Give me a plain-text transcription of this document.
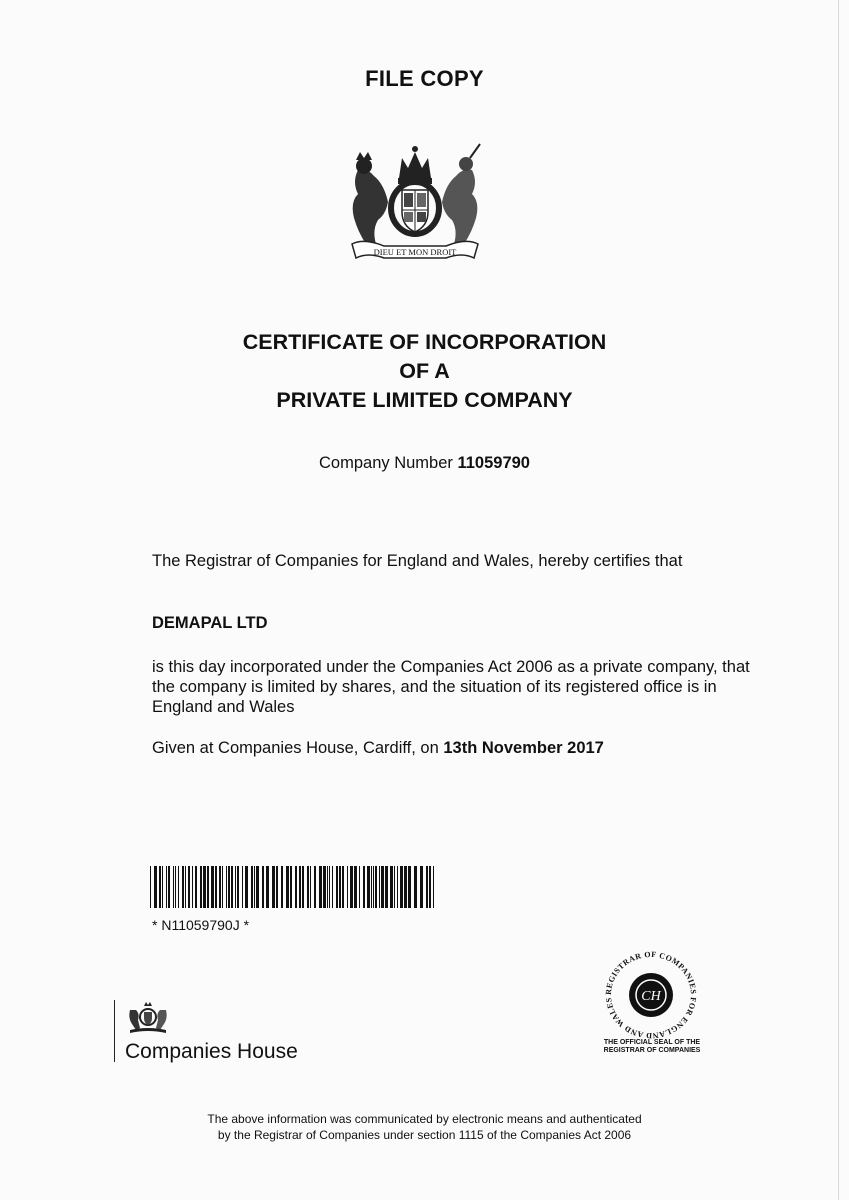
FILE COPY
DIEU ET MON DROIT
CERTIFICATE OF INCORPORATION
OF A
PRIVATE LIMITED COMPANY
Company Number 11059790
The Registrar of Companies for England and Wales, hereby certifies that
DEMAPAL LTD
is this day incorporated under the Companies Act 2006 as a private company, that the company is limited by shares, and the situation of its registered office is in England and Wales
Given at Companies House, Cardiff, on 13th November 2017
* N11059790J *
Companies House
REGISTRAR OF COMPANIES FOR ENGLAND AND WALES	CH
THE OFFICIAL SEAL OF THE
REGISTRAR OF COMPANIES
The above information was communicated by electronic means and authenticated
by the Registrar of Companies under section 1115 of the Companies Act 2006
